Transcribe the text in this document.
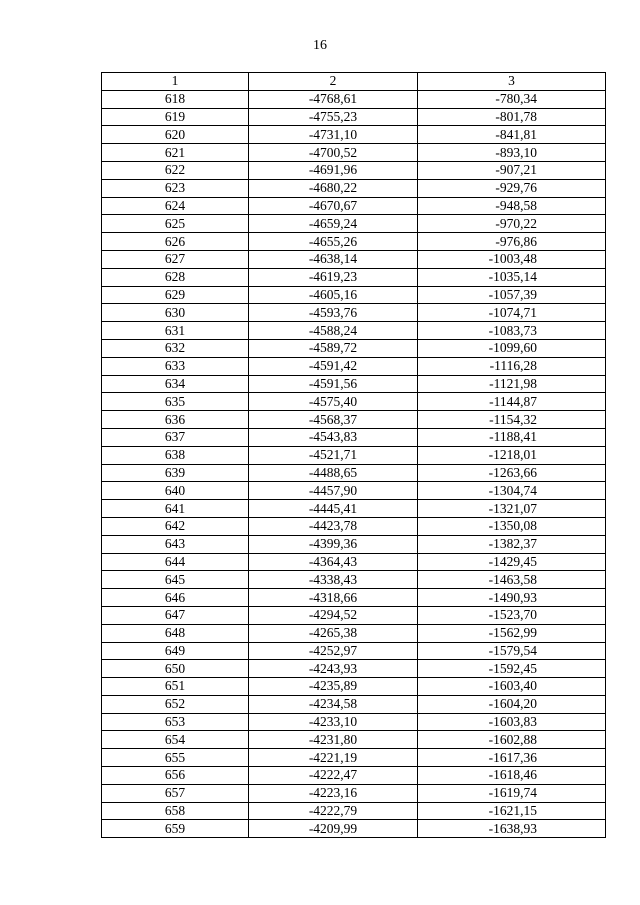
16
1	2	3
618	-4768,61	-780,34
619	-4755,23	-801,78
620	-4731,10	-841,81
621	-4700,52	-893,10
622	-4691,96	-907,21
623	-4680,22	-929,76
624	-4670,67	-948,58
625	-4659,24	-970,22
626	-4655,26	-976,86
627	-4638,14	-1003,48
628	-4619,23	-1035,14
629	-4605,16	-1057,39
630	-4593,76	-1074,71
631	-4588,24	-1083,73
632	-4589,72	-1099,60
633	-4591,42	-1116,28
634	-4591,56	-1121,98
635	-4575,40	-1144,87
636	-4568,37	-1154,32
637	-4543,83	-1188,41
638	-4521,71	-1218,01
639	-4488,65	-1263,66
640	-4457,90	-1304,74
641	-4445,41	-1321,07
642	-4423,78	-1350,08
643	-4399,36	-1382,37
644	-4364,43	-1429,45
645	-4338,43	-1463,58
646	-4318,66	-1490,93
647	-4294,52	-1523,70
648	-4265,38	-1562,99
649	-4252,97	-1579,54
650	-4243,93	-1592,45
651	-4235,89	-1603,40
652	-4234,58	-1604,20
653	-4233,10	-1603,83
654	-4231,80	-1602,88
655	-4221,19	-1617,36
656	-4222,47	-1618,46
657	-4223,16	-1619,74
658	-4222,79	-1621,15
659	-4209,99	-1638,93
